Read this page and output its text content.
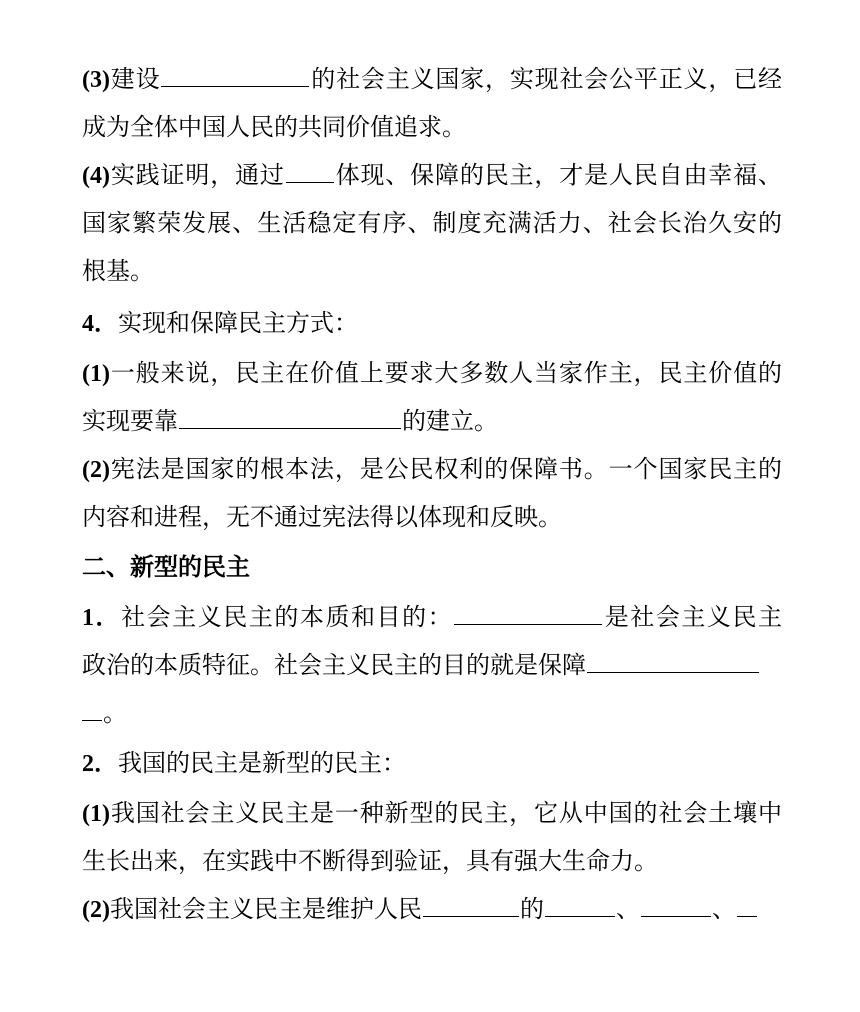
(3)建设	的社会主义国家，实现社会公平正义，已经
成为全体中国人民的共同价值追求。
(4)实践证明，通过 体现、保障的民主，才是人民自由幸福、
国家繁荣发展、生活稳定有序、制度充满活力、社会长治久安的
根基。
4．实现和保障民主方式：
(1)一般来说，民主在价值上要求大多数人当家作主，民主价值的
实现要靠	的建立。
(2)宪法是国家的根本法，是公民权利的保障书。一个国家民主的
内容和进程，无不通过宪法得以体现和反映。
二、新型的民主
1．社会主义民主的本质和目的：	是社会主义民主
政治的本质特征。社会主义民主的目的就是保障
。
2．我国的民主是新型的民主：
(1)我国社会主义民主是一种新型的民主，它从中国的社会土壤中
生长出来，在实践中不断得到验证，具有强大生命力。
(2)我国社会主义民主是维护人民	的	、	、
